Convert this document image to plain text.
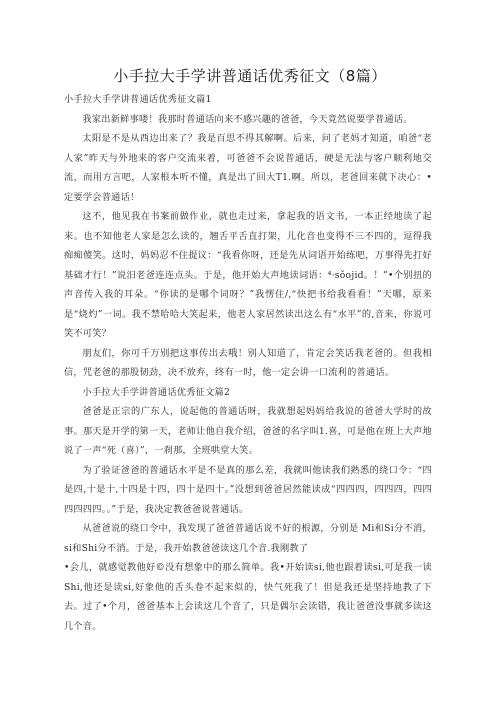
小手拉大手学讲普通话优秀征文（8篇）

小手拉大手学讲普通话优秀征文篇1

我家出新鲜事喽！我那时普通话向来不感兴趣的爸爸，今天竟然说要学普通话。

太阳是不是从西边出来了？我是百思不得其解啊。后来，问了老妈才知道，咱爸“老人家”昨天与外地来的客户交流来着，可爸爸不会说普通话，硬是无法与客户顺利地交流，而用方言吧，人家根本听不懂，真是出了回大T1.啊。所以，老爸回来就下决心：•定要学会普通话！

这不，他见我在书案前做作业，就也走过来，拿起我的语文书，一本正经地读了起来。也不知他老人家是怎么读的，翘舌平舌直打架，儿化音也变得不三不四的，逗得我痴痴傻笑。这时，妈妈忍不住提议：“我看你呀，还是先从词语开始练吧，万事得先打好基础才行！”说汨老爸连连点头。于是，他开始大声地读词语：⁴·sǒojid。！”•个别扭的声音传入我的耳朵。“你读的是哪个词呀？”我愣住/,“快把书给我看看！”天哪，原来是“烧灼”一词。我不禁哈哈大笑起来，他老人家居然读出这么有“水平”的,音来，你说可笑不可笑？

朋友们，你可千万别把这事传出去哦！别人知道了，肯定会笑话我老爸的。但我相信，咒老爸的那股韧劲，决不放弃，终有一时，他一定会讲一口流利的普通话。

小手拉大手学讲普通话优秀征文篇2

爸爸是正宗的广东人，说起他的普通话呀，我就想起妈妈给我说的爸爸大学时的故事。那天是开学的第一天，老师让他自我介绍，爸爸的名字叫1.喜，可是他在班上大声地说了一声“死（喜）”，一刹那，全班哄堂大笑。

为了验证爸爸的普通话水平是不是真的那么差，我就叫他读我们熟悉的绕口令：“四是四,十是十,十四是十四，四十是四十。”没想到爸爸居然能读成“四四四，四四四，四四四四四四。。”于是，我决定教爸爸说普通话。

从爸爸说的绕口令中，我发现了爸爸普通话说不好的根源，分别是 Mi和Si分不消，si和Shi分不消。于是，我开始教爸爸读这几个音.我刚教了

•会儿，就感觉教他好©没有想象中的那么简单。我•开始读si,他也跟着读si,可是我一读Shi,他还是读si,好象他的舌头卷不起来似的，快气死我了！但是我还是坚持地教了下去。过了•个月，爸爸基本上会读这几个音了，只是偶尔会读错，我让爸爸没事就多读这几个音。
